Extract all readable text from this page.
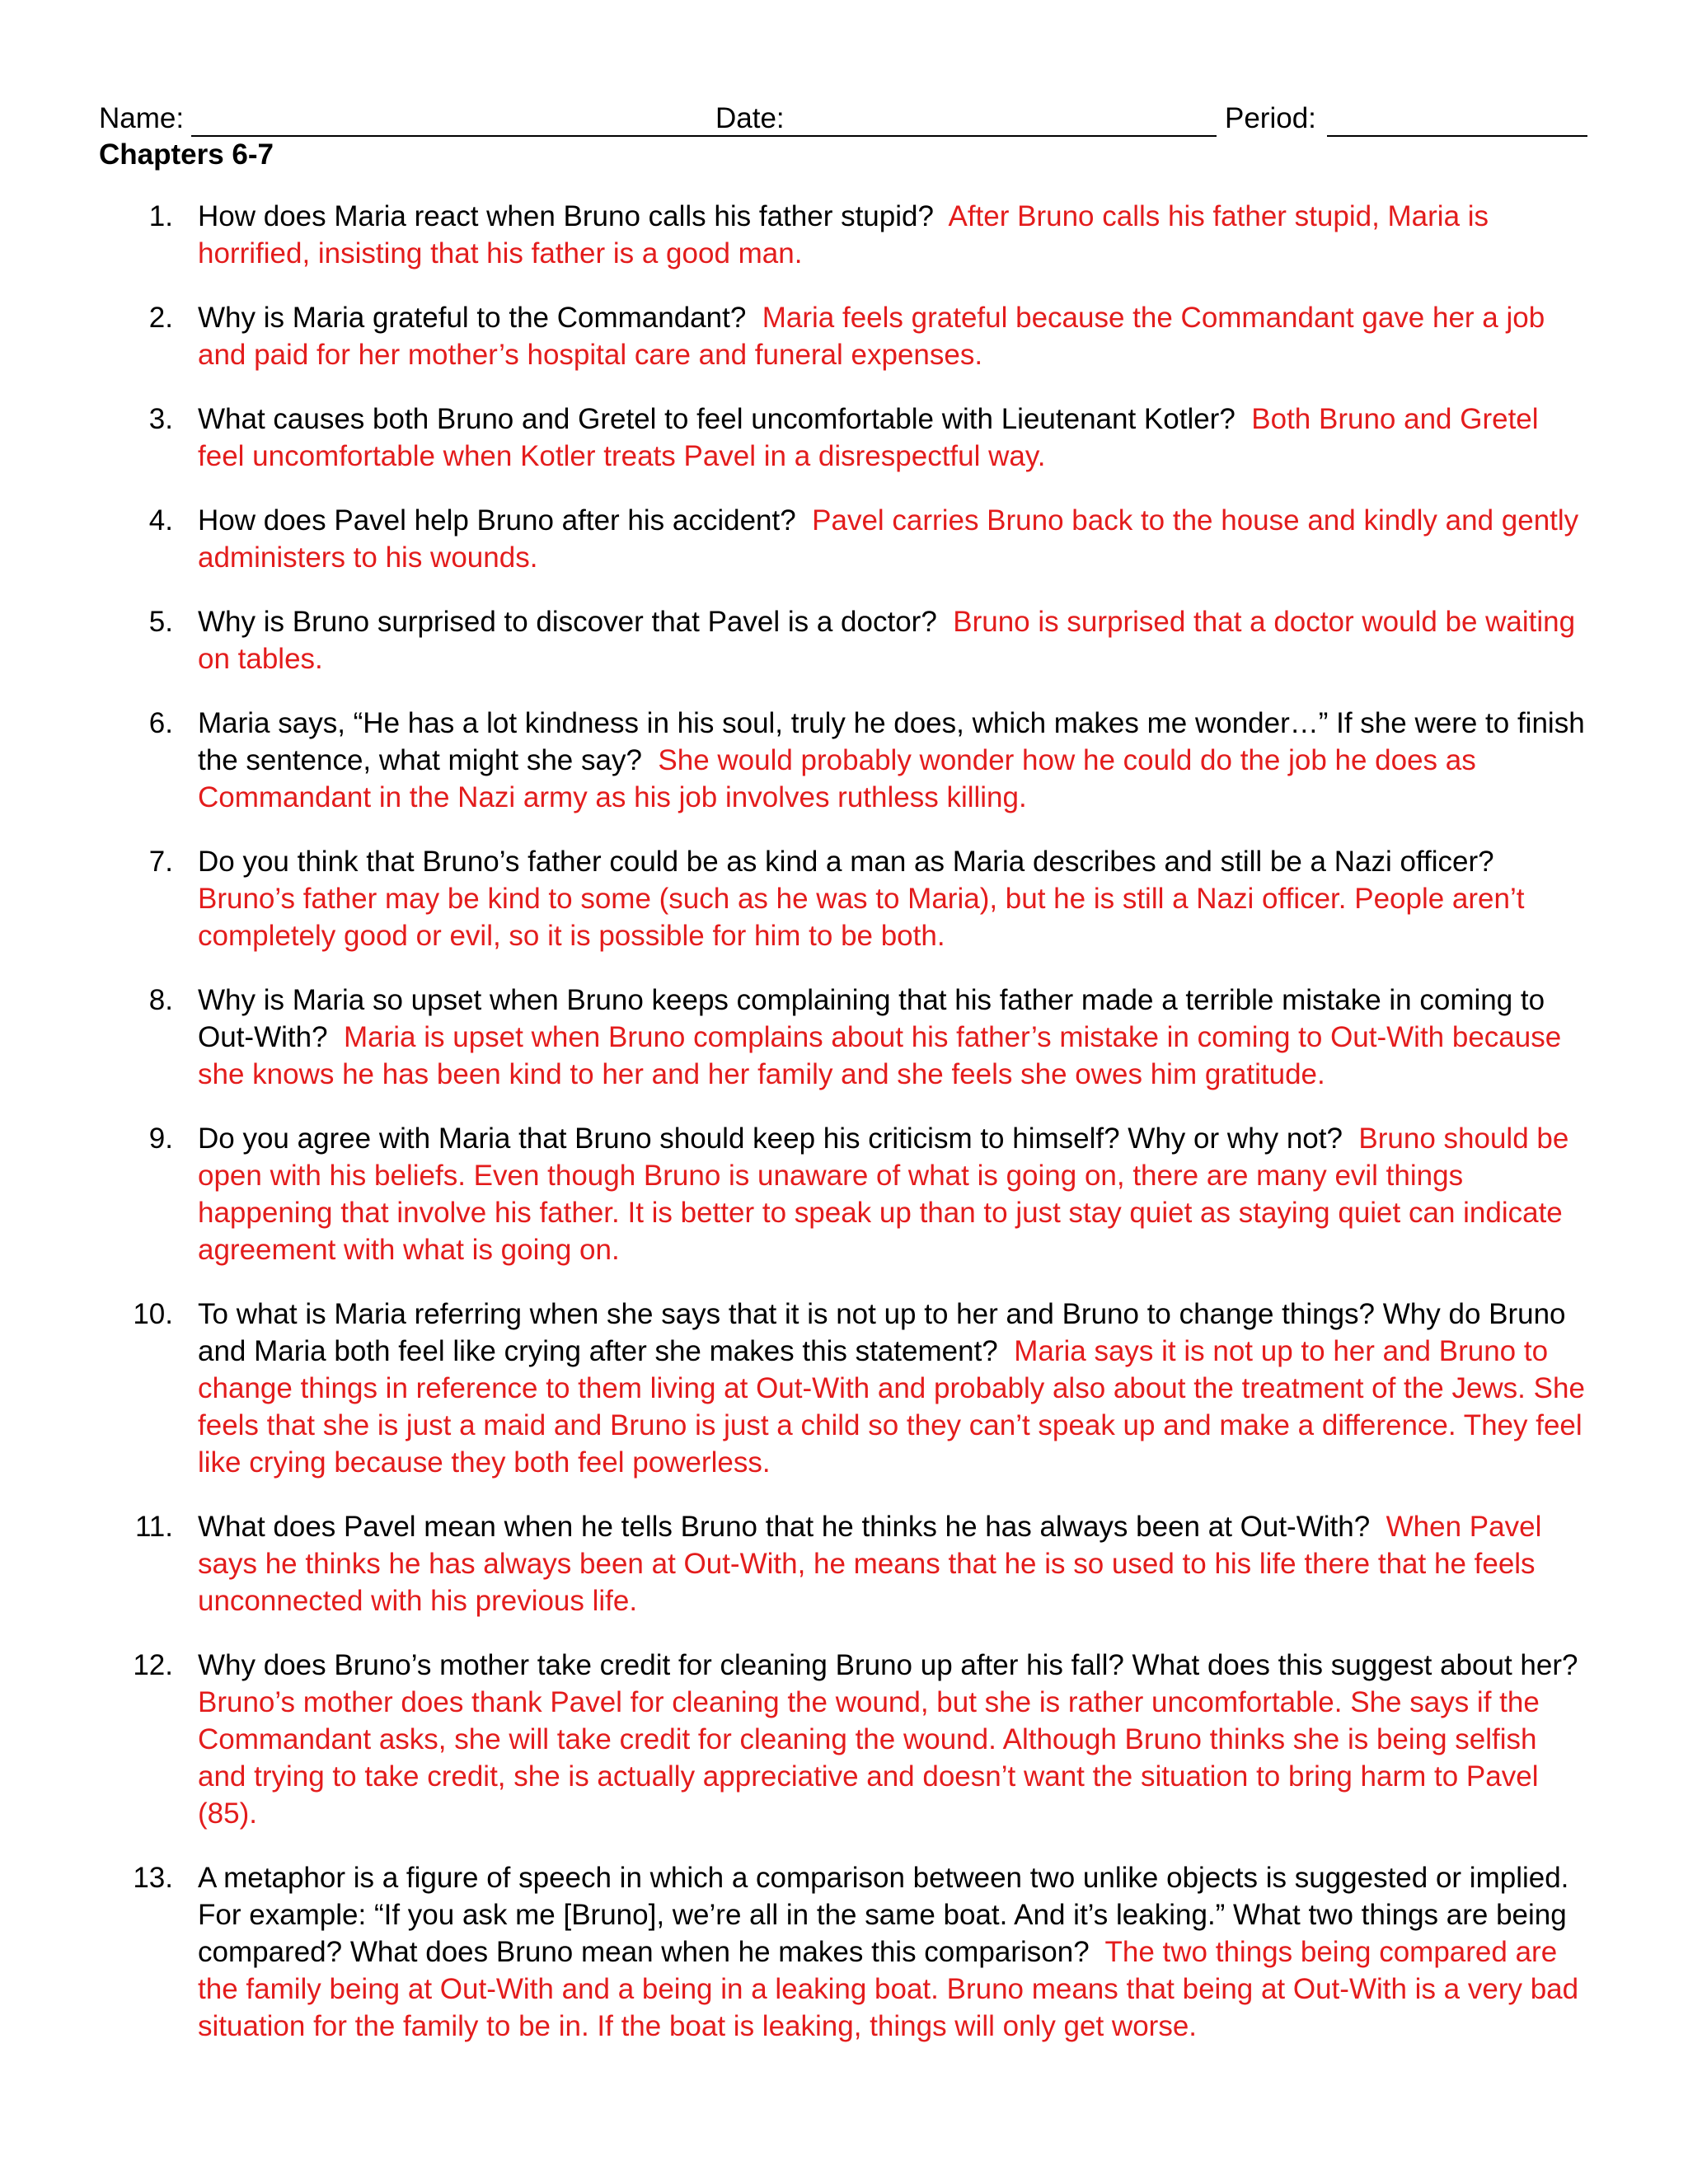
Name:	Date:	Period:
Chapters 6-7
1. How does Maria react when Bruno calls his father stupid? After Bruno calls his father stupid, Maria is horrified, insisting that his father is a good man.
2. Why is Maria grateful to the Commandant? Maria feels grateful because the Commandant gave her a job and paid for her mother’s hospital care and funeral expenses.
3. What causes both Bruno and Gretel to feel uncomfortable with Lieutenant Kotler? Both Bruno and Gretel feel uncomfortable when Kotler treats Pavel in a disrespectful way.
4. How does Pavel help Bruno after his accident? Pavel carries Bruno back to the house and kindly and gently administers to his wounds.
5. Why is Bruno surprised to discover that Pavel is a doctor? Bruno is surprised that a doctor would be waiting on tables.
6. Maria says, “He has a lot kindness in his soul, truly he does, which makes me wonder…” If she were to finish the sentence, what might she say? She would probably wonder how he could do the job he does as Commandant in the Nazi army as his job involves ruthless killing.
7. Do you think that Bruno’s father could be as kind a man as Maria describes and still be a Nazi officer? Bruno’s father may be kind to some (such as he was to Maria), but he is still a Nazi officer. People aren’t completely good or evil, so it is possible for him to be both.
8. Why is Maria so upset when Bruno keeps complaining that his father made a terrible mistake in coming to Out-With? Maria is upset when Bruno complains about his father’s mistake in coming to Out-With because she knows he has been kind to her and her family and she feels she owes him gratitude.
9. Do you agree with Maria that Bruno should keep his criticism to himself? Why or why not? Bruno should be open with his beliefs. Even though Bruno is unaware of what is going on, there are many evil things happening that involve his father. It is better to speak up than to just stay quiet as staying quiet can indicate agreement with what is going on.
10. To what is Maria referring when she says that it is not up to her and Bruno to change things? Why do Bruno and Maria both feel like crying after she makes this statement? Maria says it is not up to her and Bruno to change things in reference to them living at Out-With and probably also about the treatment of the Jews. She feels that she is just a maid and Bruno is just a child so they can’t speak up and make a difference. They feel like crying because they both feel powerless.
11. What does Pavel mean when he tells Bruno that he thinks he has always been at Out-With? When Pavel says he thinks he has always been at Out-With, he means that he is so used to his life there that he feels unconnected with his previous life.
12. Why does Bruno’s mother take credit for cleaning Bruno up after his fall? What does this suggest about her? Bruno’s mother does thank Pavel for cleaning the wound, but she is rather uncomfortable. She says if the Commandant asks, she will take credit for cleaning the wound. Although Bruno thinks she is being selfish and trying to take credit, she is actually appreciative and doesn’t want the situation to bring harm to Pavel (85).
13. A metaphor is a figure of speech in which a comparison between two unlike objects is suggested or implied. For example: “If you ask me [Bruno], we’re all in the same boat. And it’s leaking.” What two things are being compared? What does Bruno mean when he makes this comparison? The two things being compared are the family being at Out-With and a being in a leaking boat. Bruno means that being at Out-With is a very bad situation for the family to be in. If the boat is leaking, things will only get worse.
